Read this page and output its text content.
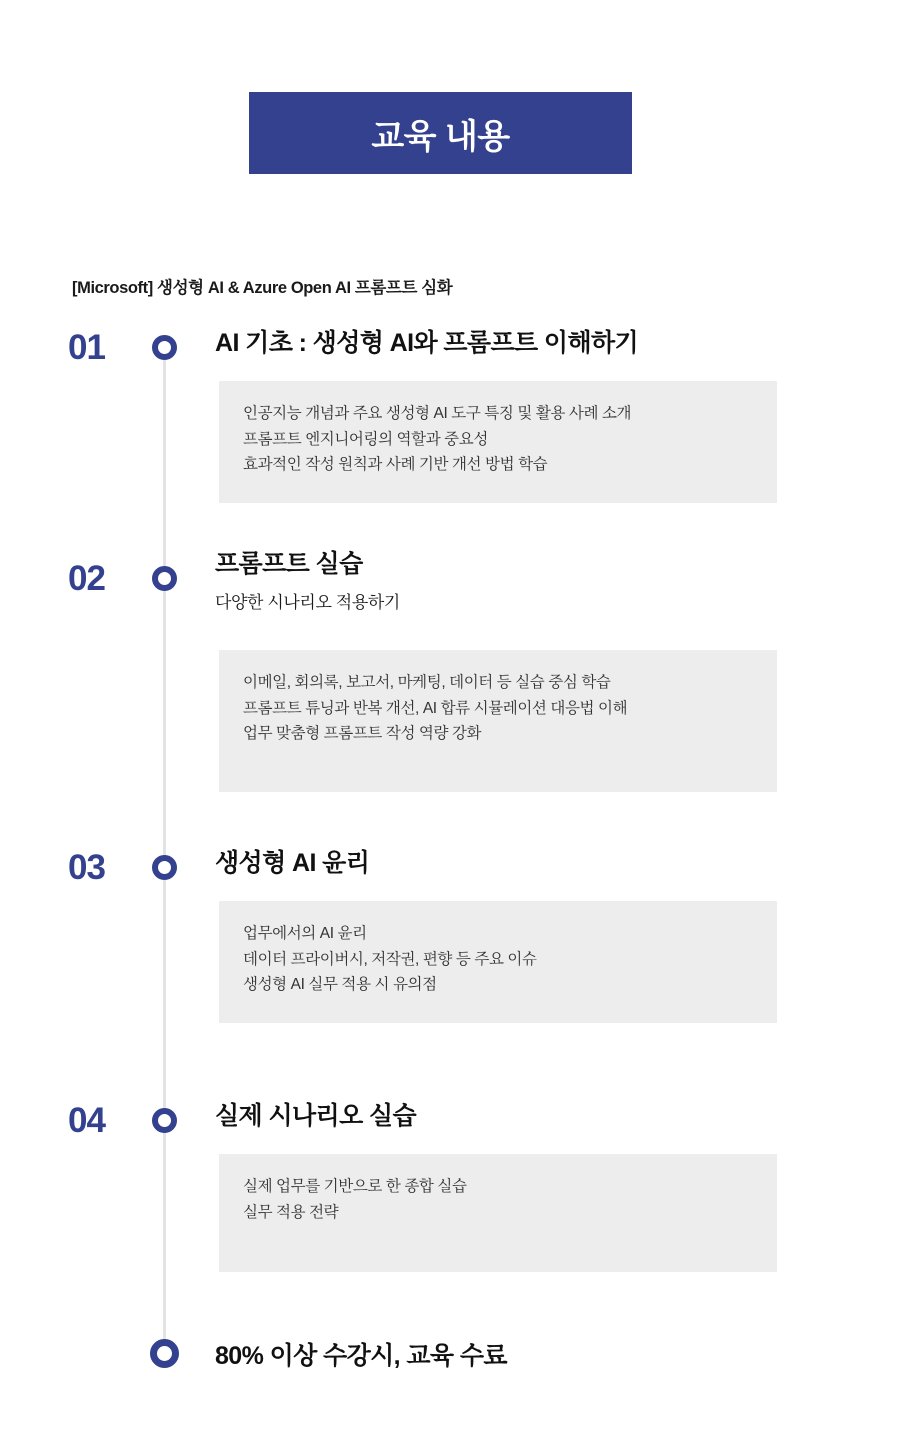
교육 내용
[Microsoft] 생성형 AI & Azure Open AI 프롬프트 심화
01	AI 기초 : 생성형 AI와 프롬프트 이해하기

인공지능 개념과 주요 생성형 AI 도구 특징 및 활용 사례 소개

프롬프트 엔지니어링의 역할과 중요성

효과적인 작성 원칙과 사례 기반 개선 방법 학습

02	프롬프트 실습
다양한 시나리오 적용하기

이메일, 회의록, 보고서, 마케팅, 데이터 등 실습 중심 학습

프롬프트 튜닝과 반복 개선, AI 합류 시뮬레이션 대응법 이해

업무 맞춤형 프롬프트 작성 역량 강화

03	생성형 AI 윤리

업무에서의 AI 윤리

데이터 프라이버시, 저작권, 편향 등 주요 이슈

생성형 AI 실무 적용 시 유의점

04	실제 시나리오 실습

실제 업무를 기반으로 한 종합 실습

실무 적용 전략

80% 이상 수강시, 교육 수료
